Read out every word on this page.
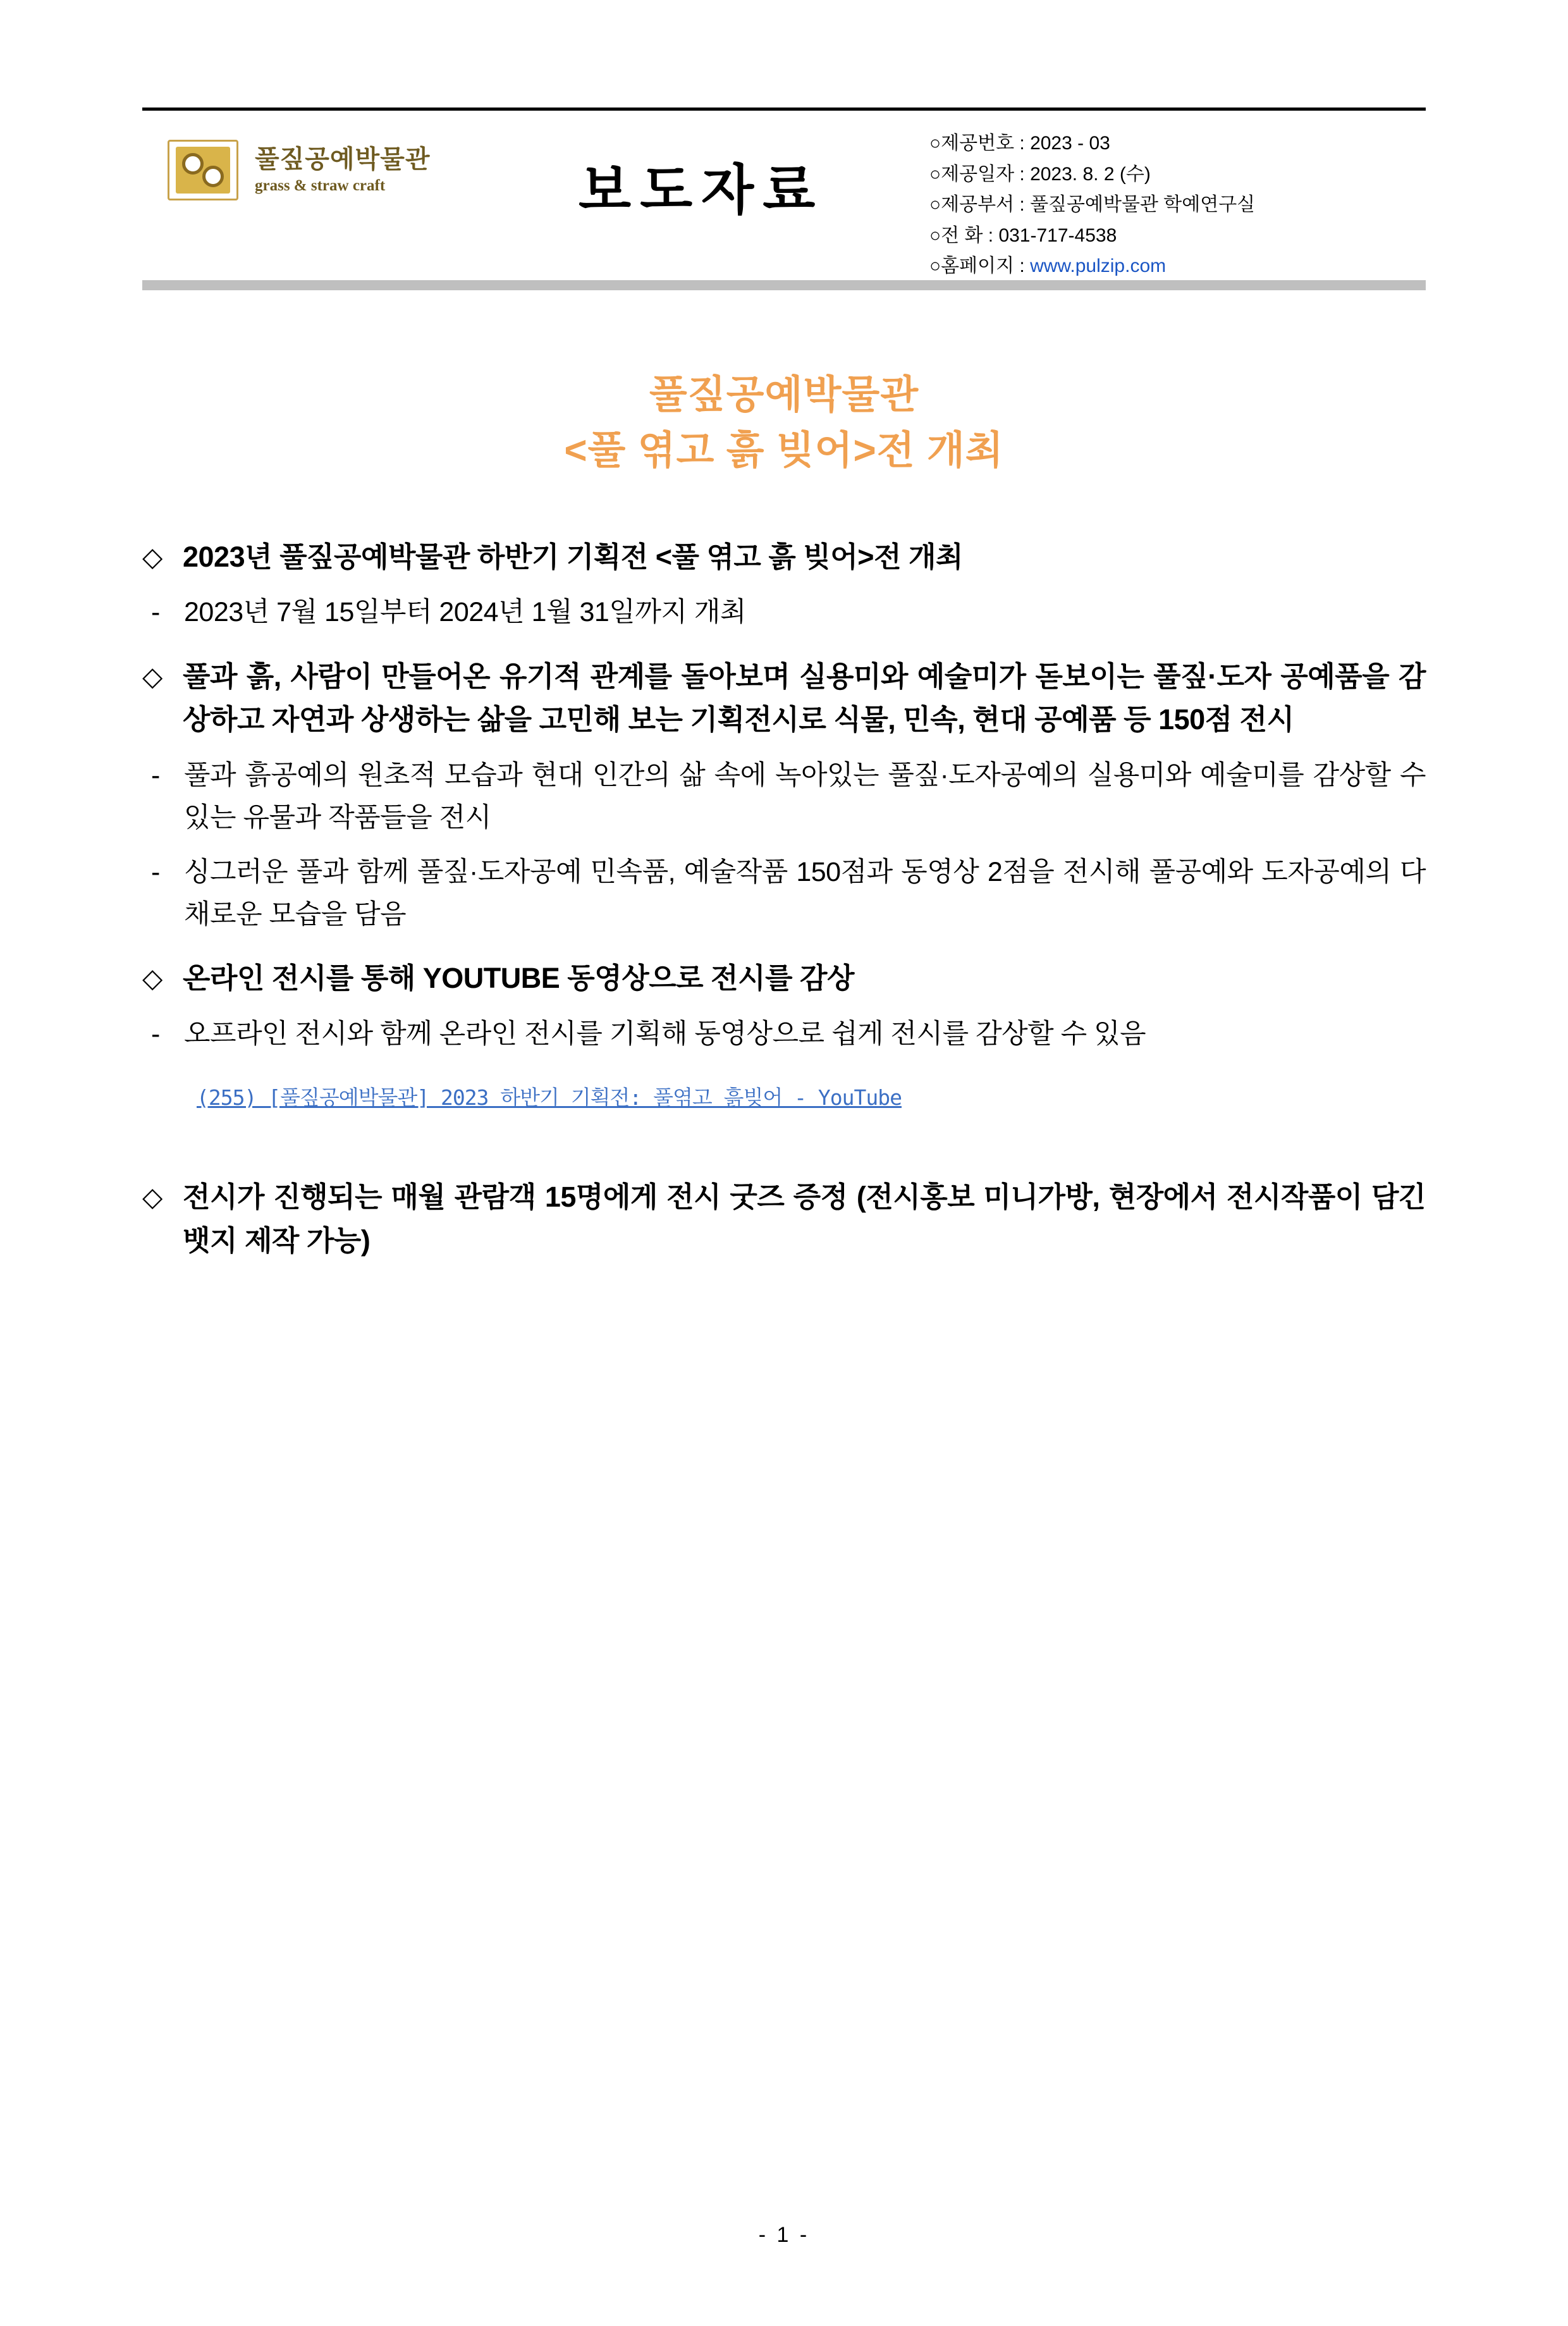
풀짚공예박물관
grass & straw craft	보도자료
○제공번호 : 2023 - 03
○제공일자 : 2023. 8. 2 (수)
○제공부서 : 풀짚공예박물관 학예연구실
○전 화 : 031-717-4538
○홈페이지 : www.pulzip.com
풀짚공예박물관
<풀 엮고 흙 빚어>전 개최
◇ 2023년 풀짚공예박물관 하반기 기획전 <풀 엮고 흙 빚어>전 개최
- 2023년 7월 15일부터 2024년 1월 31일까지 개최
◇ 풀과 흙, 사람이 만들어온 유기적 관계를 돌아보며 실용미와 예술미가 돋보이는 풀짚·도자 공예품을 감상하고 자연과 상생하는 삶을 고민해 보는 기획전시로 식물, 민속, 현대 공예품 등 150점 전시
- 풀과 흙공예의 원초적 모습과 현대 인간의 삶 속에 녹아있는 풀짚·도자공예의 실용미와 예술미를 감상할 수 있는 유물과 작품들을 전시
- 싱그러운 풀과 함께 풀짚·도자공예 민속품, 예술작품 150점과 동영상 2점을 전시해 풀공예와 도자공예의 다채로운 모습을 담음
◇ 온라인 전시를 통해 YOUTUBE 동영상으로 전시를 감상
- 오프라인 전시와 함께 온라인 전시를 기획해 동영상으로 쉽게 전시를 감상할 수 있음
(255) [풀짚공예박물관] 2023 하반기 기획전: 풀엮고 흙빚어 - YouTube
◇ 전시가 진행되는 매월 관람객 15명에게 전시 굿즈 증정 (전시홍보 미니가방, 현장에서 전시작품이 담긴 뱃지 제작 가능)
- 1 -
